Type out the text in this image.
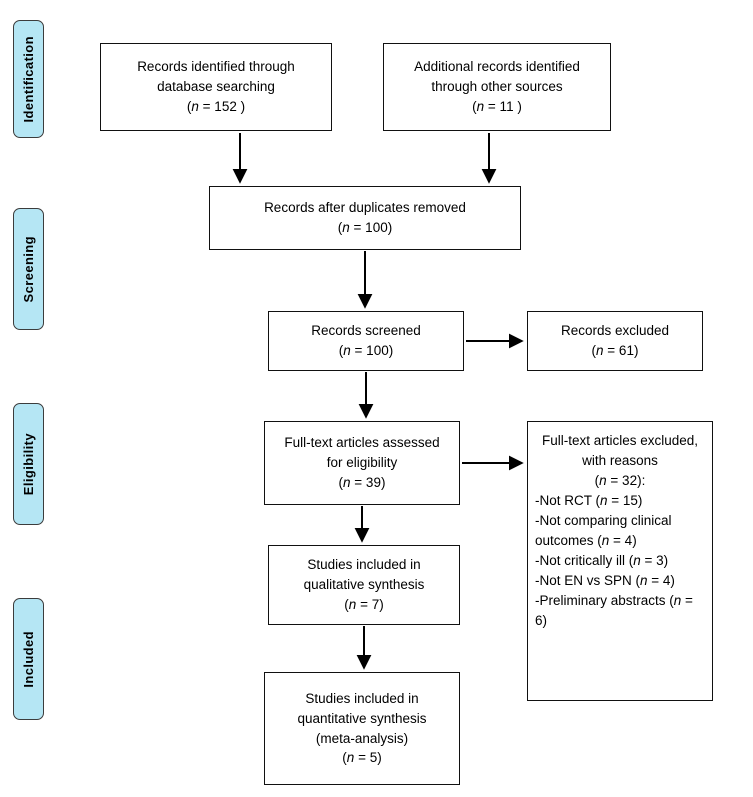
Identification
Screening
Eligibility
Included
Records identified through
database searching
(n = 152 )
Additional records identified
through other sources
(n = 11 )
Records after duplicates removed
(n = 100)
Records screened
(n = 100)
Records excluded
(n = 61)
Full-text articles assessed
for eligibility
(n = 39)
Full-text articles excluded,
with reasons
(n = 32):
-Not RCT (n = 15)
-Not comparing clinical
outcomes (n = 4)
-Not critically ill (n = 3)
-Not EN vs SPN (n = 4)
-Preliminary abstracts (n = 6)
Studies included in
qualitative synthesis
(n = 7)
Studies included in
quantitative synthesis
(meta-analysis)
(n = 5)
